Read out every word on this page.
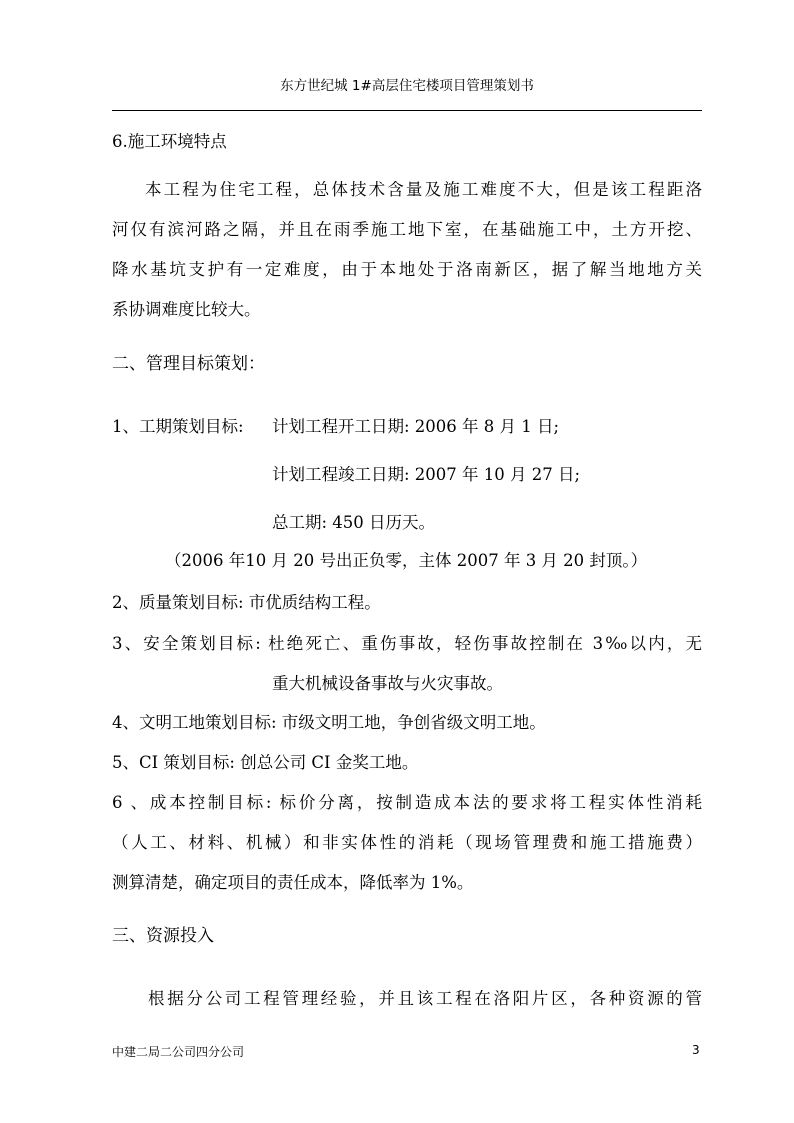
东方世纪城 1#高层住宅楼项目管理策划书
6.施工环境特点
本工程为住宅工程，总体技术含量及施工难度不大，但是该工程距洛
河仅有滨河路之隔，并且在雨季施工地下室，在基础施工中，土方开挖、
降水基坑支护有一定难度，由于本地处于洛南新区，据了解当地地方关
系协调难度比较大。
二、管理目标策划：
1、工期策划目标: 计划工程开工日期: 2006 年 8 月 1 日;
计划工程竣工日期: 2007 年 10 月 27 日;
总工期: 450 日历天。
（2006 年10 月 20 号出正负零，主体 2007 年 3 月 20 封顶。）
2、质量策划目标: 市优质结构工程。
3、安全策划目标: 杜绝死亡、重伤事故，轻伤事故控制在 3‰以内，无
重大机械设备事故与火灾事故。
4、文明工地策划目标: 市级文明工地，争创省级文明工地。
5、CI 策划目标: 创总公司 CI 金奖工地。
6 、成本控制目标: 标价分离，按制造成本法的要求将工程实体性消耗
（人工、材料、机械）和非实体性的消耗（现场管理费和施工措施费）
测算清楚，确定项目的责任成本，降低率为 1%。
三、资源投入
根据分公司工程管理经验，并且该工程在洛阳片区，各种资源的管
中建二局二公司四分公司	3
